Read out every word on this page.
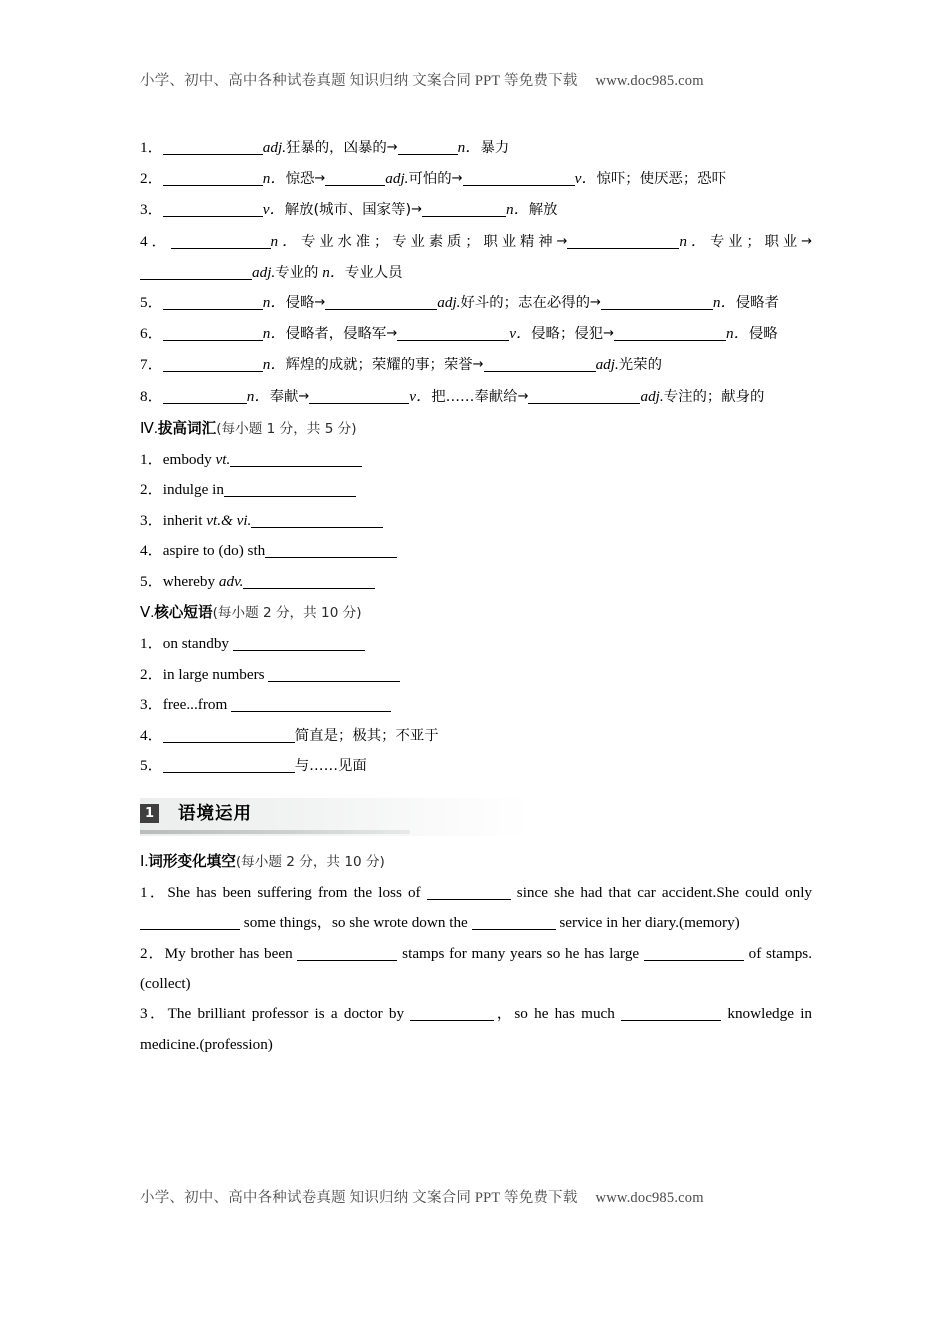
小学、初中、高中各种试卷真题 知识归纳 文案合同 PPT 等免费下载 www.doc985.com
1．	adj.狂暴的，凶暴的→	n．暴力
2．	n．惊恐→	adj.可怕的→	v．惊吓；使厌恶；恐吓
3．	v．解放(城市、国家等)→	n．解放
4．	n．专业水准；专业素质；职业精神→	n．专业；职业→adj.专业的 n．专业人员
5．	n．侵略→	adj.好斗的；志在必得的→	n．侵略者
6．	n．侵略者，侵略军→	v．侵略；侵犯→	n．侵略
7．	n．辉煌的成就；荣耀的事；荣誉→	adj.光荣的
8．	n．奉献→	v．把……奉献给→	adj.专注的；献身的
Ⅳ.拔高词汇(每小题 1 分，共 5 分)
1．embody vt.
2．indulge in
3．inherit vt.& vi.
4．aspire to (do) sth
5．whereby adv.
Ⅴ.核心短语(每小题 2 分，共 10 分)
1．on standby
2．in large numbers
3．free...from
4．	简直是；极其；不亚于
5．	与……见面
1 语境运用
Ⅰ.词形变化填空(每小题 2 分，共 10 分)
1．She has been suffering from the loss of	since she had that car accident.She could only  some things，so she wrote down the	service in her diary.(memory)
2．My brother has been	stamps for many years so he has large	of stamps.(collect)
3．The brilliant professor is a doctor by	，so he has much	knowledge in medicine.(profession)
小学、初中、高中各种试卷真题 知识归纳 文案合同 PPT 等免费下载 www.doc985.com
